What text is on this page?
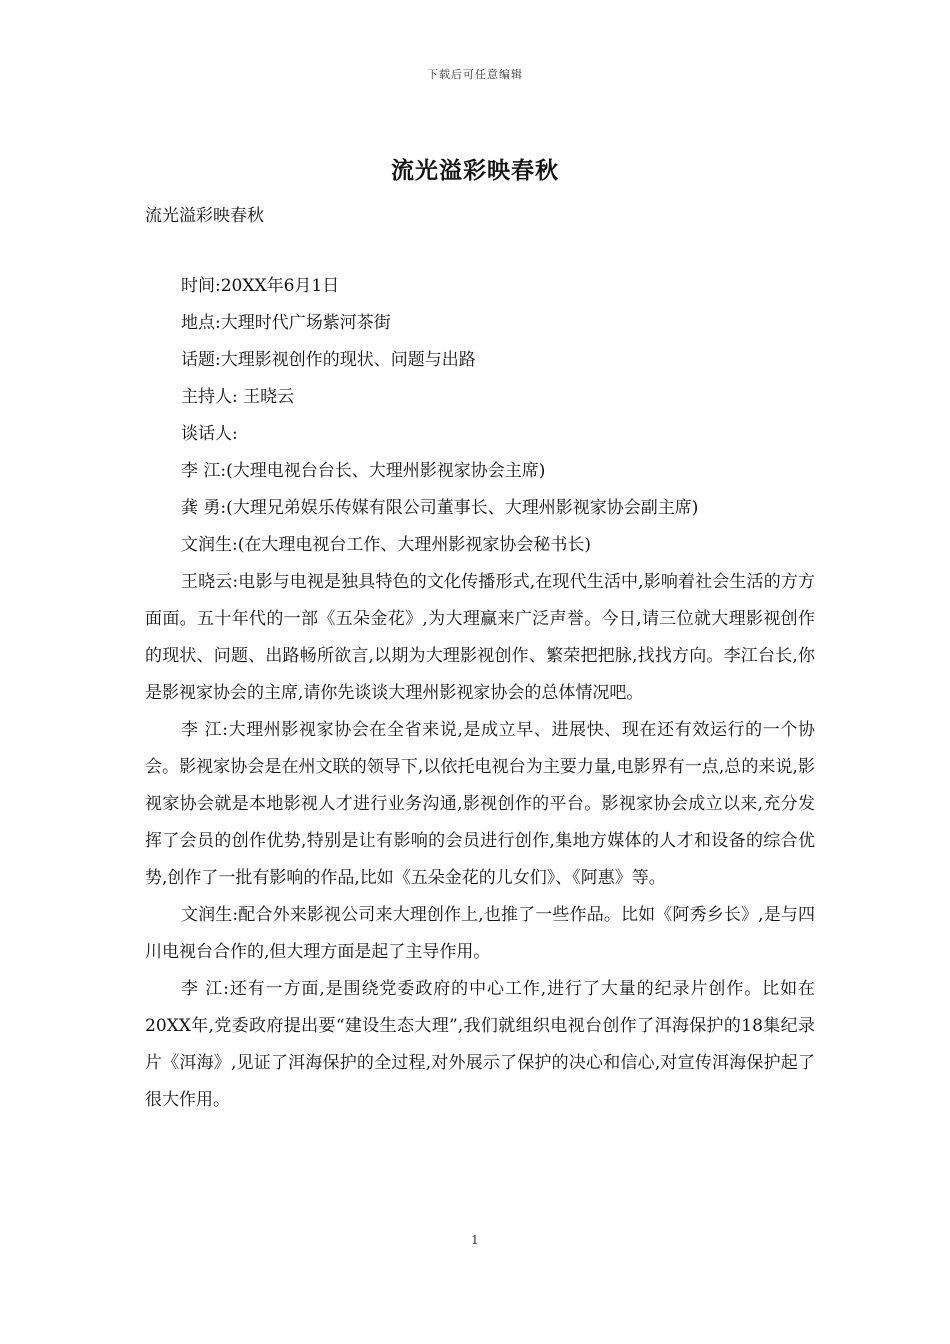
下载后可任意编辑
流光溢彩映春秋
流光溢彩映春秋
时间:20XX年6月1日
地点:大理时代广场紫河茶街
话题:大理影视创作的现状、问题与出路
主持人: 王晓云
谈话人:
李 江:(大理电视台台长、大理州影视家协会主席)
龚 勇:(大理兄弟娱乐传媒有限公司董事长、大理州影视家协会副主席)
文润生:(在大理电视台工作、大理州影视家协会秘书长)

王晓云:电影与电视是独具特色的文化传播形式,在现代生活中,影响着社会生活的方方面面。五十年代的一部《五朵金花》,为大理赢来广泛声誉。今日,请三位就大理影视创作的现状、问题、出路畅所欲言,以期为大理影视创作、繁荣把把脉,找找方向。李江台长,你是影视家协会的主席,请你先谈谈大理州影视家协会的总体情况吧。

李 江:大理州影视家协会在全省来说,是成立早、进展快、现在还有效运行的一个协会。影视家协会是在州文联的领导下,以依托电视台为主要力量,电影界有一点,总的来说,影视家协会就是本地影视人才进行业务沟通,影视创作的平台。影视家协会成立以来,充分发挥了会员的创作优势,特别是让有影响的会员进行创作,集地方媒体的人才和设备的综合优势,创作了一批有影响的作品,比如《五朵金花的儿女们》、《阿惠》等。

文润生:配合外来影视公司来大理创作上,也推了一些作品。比如《阿秀乡长》,是与四川电视台合作的,但大理方面是起了主导作用。

李 江:还有一方面,是围绕党委政府的中心工作,进行了大量的纪录片创作。比如在20XX年,党委政府提出要“建设生态大理”,我们就组织电视台创作了洱海保护的18集纪录片《洱海》,见证了洱海保护的全过程,对外展示了保护的决心和信心,对宣传洱海保护起了很大作用。

1
